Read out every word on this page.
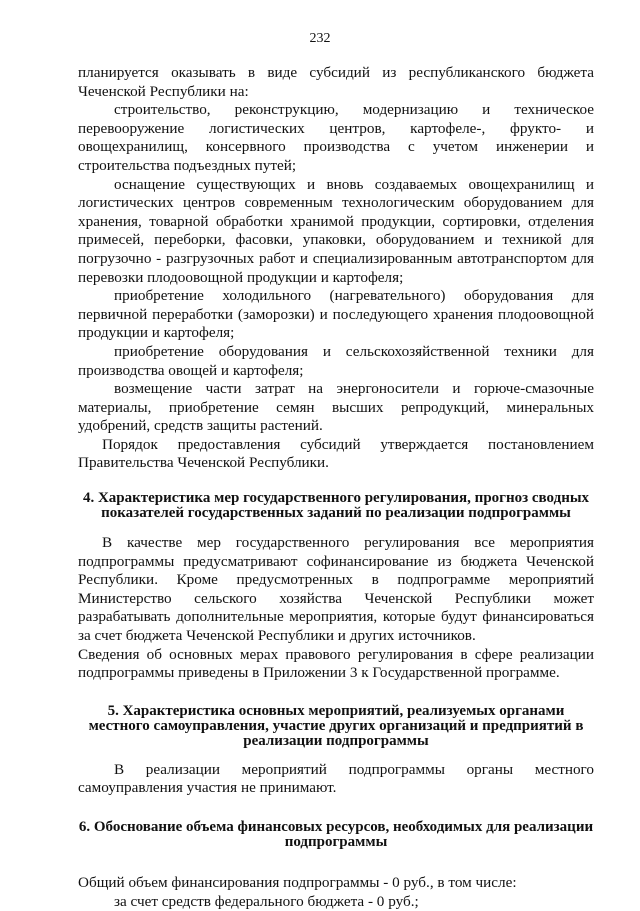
232

планируется оказывать в виде субсидий из республиканского бюджета Чеченской Республики на:

строительство, реконструкцию, модернизацию и техническое перевооружение логистических центров, картофеле-, фрукто- и овощехранилищ, консервного производства с учетом инженерии и строительства подъездных путей;

оснащение существующих и вновь создаваемых овощехранилищ и логистических центров современным технологическим оборудованием для хранения, товарной обработки хранимой продукции, сортировки, отделения примесей, переборки, фасовки, упаковки, оборудованием и техникой для погрузочно - разгрузочных работ и специализированным автотранспортом для перевозки плодоовощной продукции и картофеля;

приобретение холодильного (нагревательного) оборудования для первичной переработки (заморозки) и последующего хранения плодоовощной продукции и картофеля;

приобретение оборудования и сельскохозяйственной техники для производства овощей и картофеля;

возмещение части затрат на энергоносители и горюче-смазочные материалы, приобретение семян высших репродукций, минеральных удобрений, средств защиты растений.

Порядок предоставления субсидий утверждается постановлением Правительства Чеченской Республики.

4. Характеристика мер государственного регулирования, прогноз сводных показателей государственных заданий по реализации подпрограммы

В качестве мер государственного регулирования все мероприятия подпрограммы предусматривают софинансирование из бюджета Чеченской Республики. Кроме предусмотренных в подпрограмме мероприятий Министерство сельского хозяйства Чеченской Республики может разрабатывать дополнительные мероприятия, которые будут финансироваться за счет бюджета Чеченской Республики и других источников.

Сведения об основных мерах правового регулирования в сфере реализации подпрограммы приведены в Приложении 3 к Государственной программе.

5. Характеристика основных мероприятий, реализуемых органами местного самоуправления, участие других организаций и предприятий в реализации подпрограммы

В реализации мероприятий подпрограммы органы местного самоуправления участия не принимают.

6. Обоснование объема финансовых ресурсов, необходимых для реализации подпрограммы

Общий объем финансирования подпрограммы - 0 руб., в том числе:

за счет средств федерального бюджета - 0 руб.;
